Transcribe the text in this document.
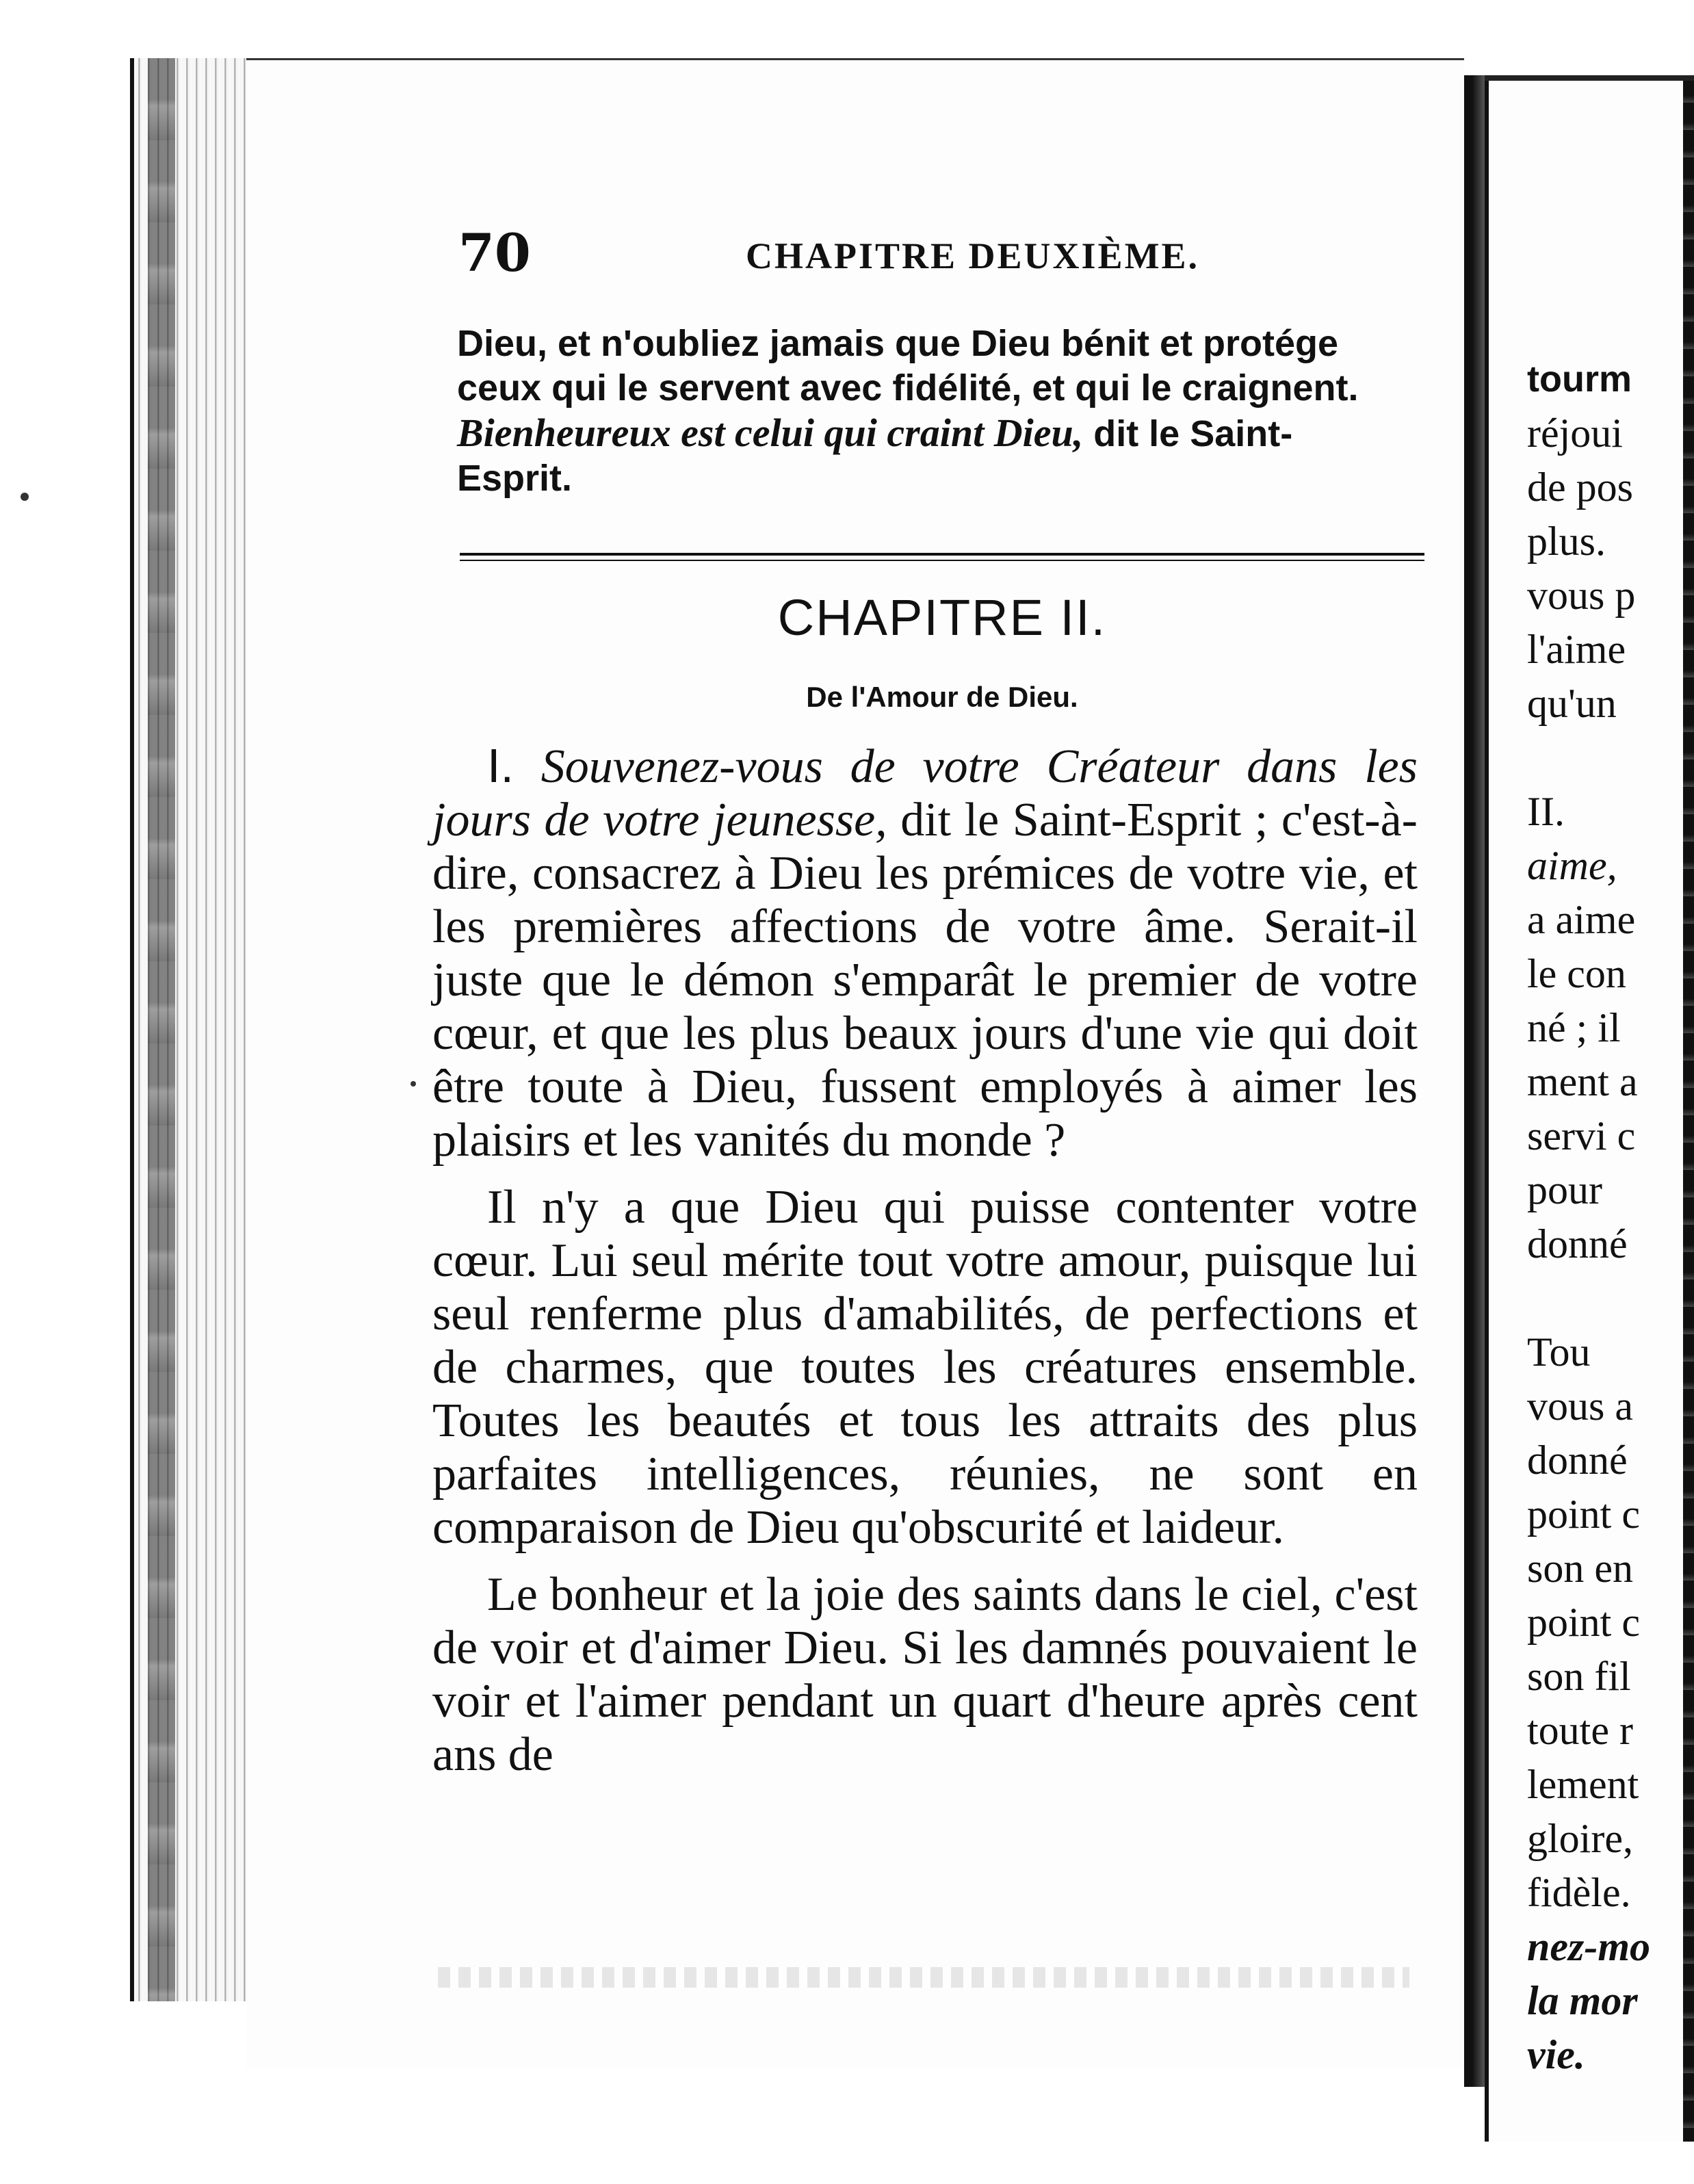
70	CHAPITRE DEUXIÈME.
Dieu, et n'oubliez jamais que Dieu bénit et protége
ceux qui le servent avec fidélité, et qui le craignent.
Bienheureux est celui qui craint Dieu, dit le Saint-
Esprit.
CHAPITRE II.
De l'Amour de Dieu.

I. Souvenez-vous de votre Créateur dans les jours de votre jeunesse, dit le Saint-Esprit ; c'est-à-dire, consacrez à Dieu les prémices de votre vie, et les premières affections de votre âme. Serait-il juste que le démon s'emparât le premier de votre cœur, et que les plus beaux jours d'une vie qui doit être toute à Dieu, fussent employés à aimer les plaisirs et les vanités du monde ?

Il n'y a que Dieu qui puisse contenter votre cœur. Lui seul mérite tout votre amour, puisque lui seul renferme plus d'amabilités, de perfections et de charmes, que toutes les créatures ensemble. Toutes les beautés et tous les attraits des plus parfaites intelligences, réunies, ne sont en comparaison de Dieu qu'obscurité et laideur.

Le bonheur et la joie des saints dans le ciel, c'est de voir et d'aimer Dieu. Si les damnés pouvaient le voir et l'aimer pendant un quart d'heure après cent ans de

tourm
réjoui
de pos
plus.
vous p
l'aime
qu'un
II.
aime,
a aime
le con
né ; il
ment a
servi c
pour
donné
Tou
vous a
donné
point c
son en
point c
son fil
toute r
lement
gloire,
fidèle.
nez-mo
la mor
vie.
